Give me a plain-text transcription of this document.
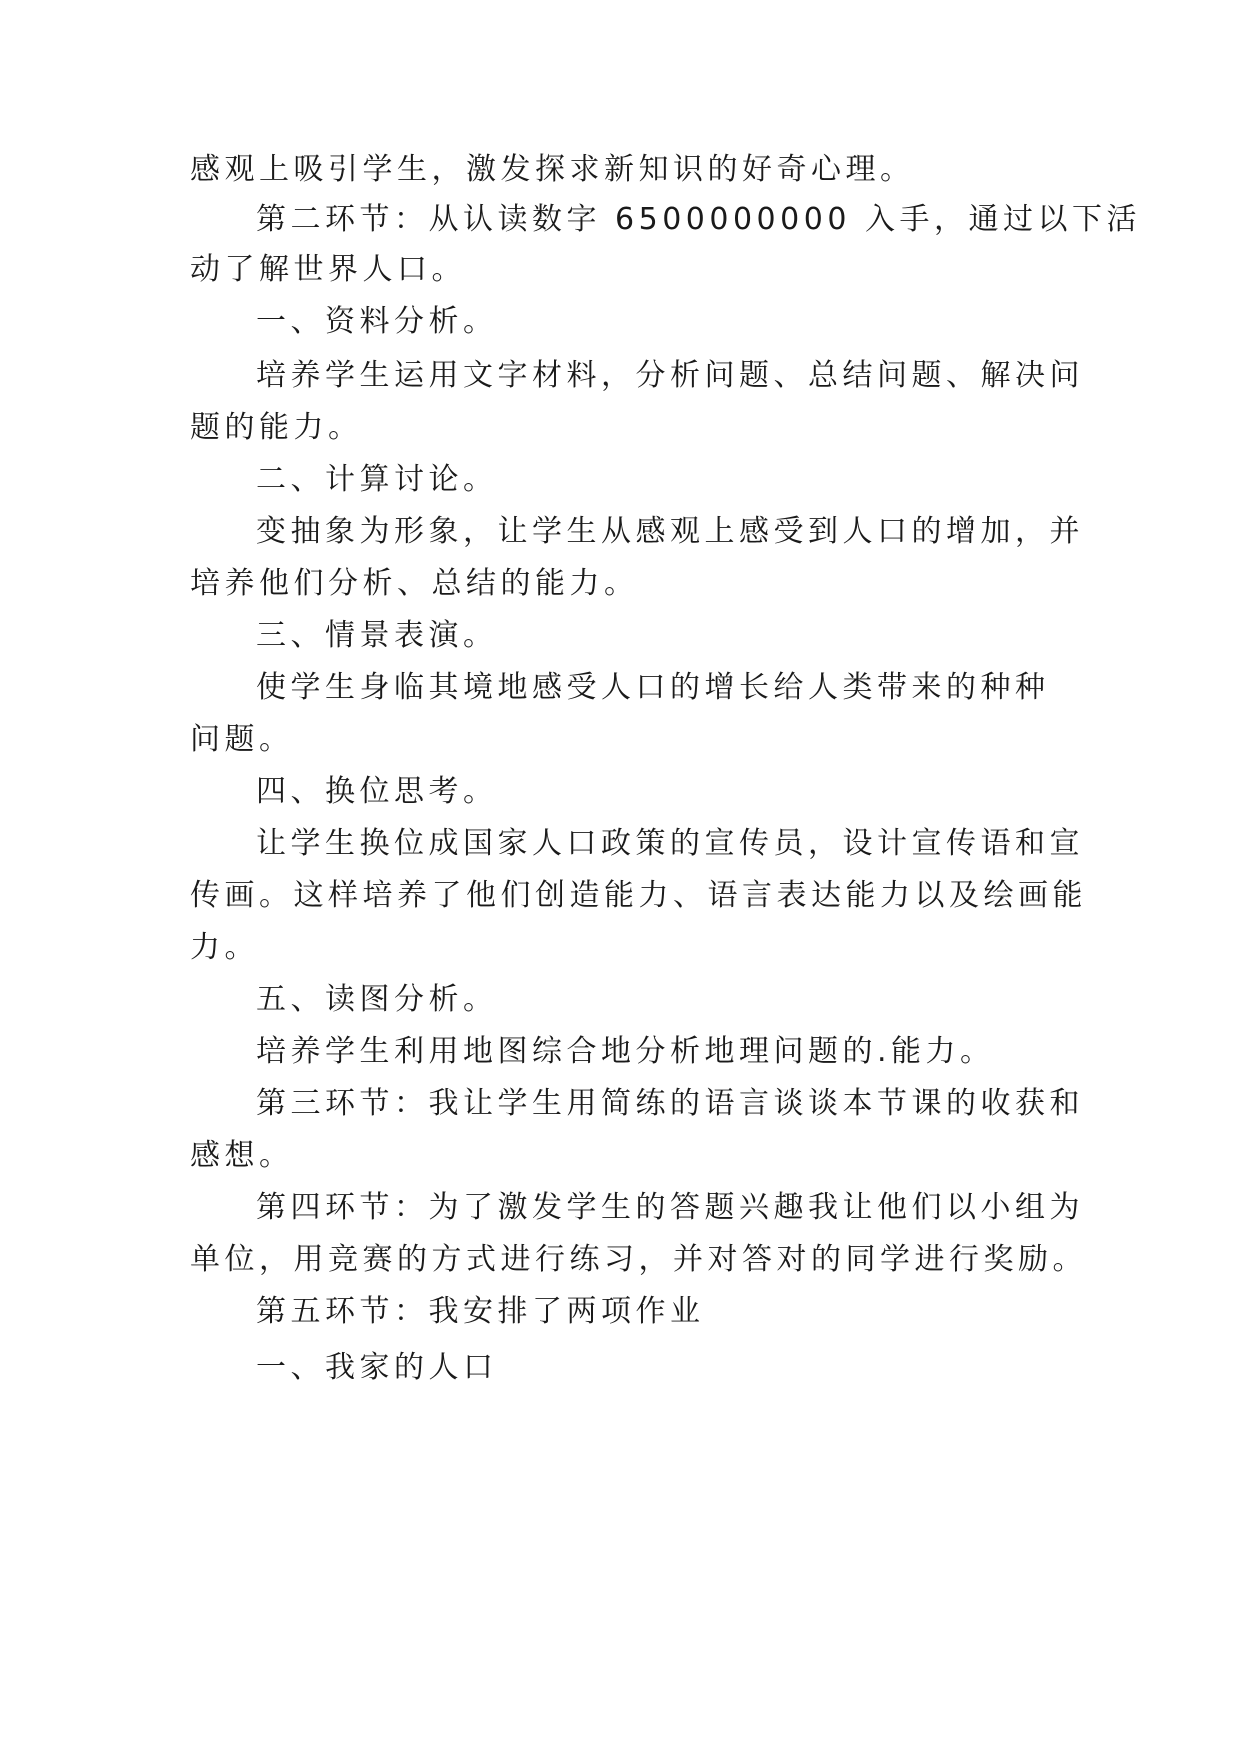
感观上吸引学生，激发探求新知识的好奇心理。
第二环节：从认读数字 6500000000 入手，通过以下活
动了解世界人口。
一、资料分析。
培养学生运用文字材料，分析问题、总结问题、解决问
题的能力。
二、计算讨论。
变抽象为形象，让学生从感观上感受到人口的增加，并
培养他们分析、总结的能力。
三、情景表演。
使学生身临其境地感受人口的增长给人类带来的种种
问题。
四、换位思考。
让学生换位成国家人口政策的宣传员，设计宣传语和宣
传画。这样培养了他们创造能力、语言表达能力以及绘画能
力。
五、读图分析。
培养学生利用地图综合地分析地理问题的.能力。
第三环节：我让学生用简练的语言谈谈本节课的收获和
感想。
第四环节：为了激发学生的答题兴趣我让他们以小组为
单位，用竞赛的方式进行练习，并对答对的同学进行奖励。
第五环节：我安排了两项作业
一、我家的人口
